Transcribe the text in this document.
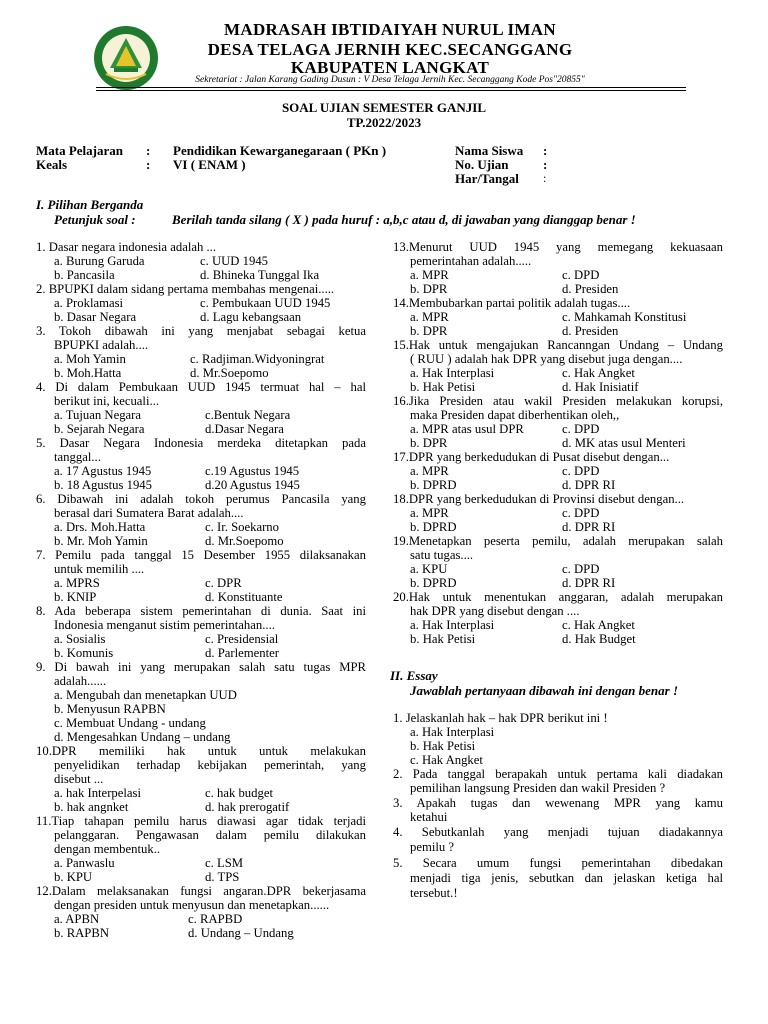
MADRASAH IBTIDAIYAH NURUL IMAN
DESA TELAGA JERNIH KEC.SECANGGANG
KABUPATEN LANGKAT
Sekretariat : Jalan Karang Gading Dusun : V Desa Telaga Jernih Kec. Secanggang Kode Pos"20855"
SOAL UJIAN SEMESTER GANJIL
TP.2022/2023
Mata Pelajaran : Pendidikan Kewarganegaraan ( PKn )
Keals	: VI ( ENAM )
Nama Siswa :
No. Ujian	:
Har/Tangal :
I. Pilihan Berganda
Petunjuk soal :	Berilah tanda silang ( X ) pada huruf : a,b,c atau d, di jawaban yang dianggap benar !
1. Dasar negara indonesia adalah ...
a. Burung Garuda	c. UUD 1945
b. Pancasila	d. Bhineka Tunggal Ika
2. BPUPKI dalam sidang pertama membahas mengenai.....
a. Proklamasi	c. Pembukaan UUD 1945
b. Dasar Negara	d. Lagu kebangsaan
3. Tokoh dibawah ini yang menjabat sebagai ketua
BPUPKI adalah....
a. Moh Yamin	c. Radjiman.Widyoningrat
b. Moh.Hatta	d. Mr.Soepomo
4. Di dalam Pembukaan UUD 1945 termuat hal – hal
berikut ini, kecuali...
a. Tujuan Negara	c.Bentuk Negara
b. Sejarah Negara	d.Dasar Negara
5. Dasar Negara Indonesia merdeka ditetapkan pada
tanggal...
a. 17 Agustus 1945	c.19 Agustus 1945
b. 18 Agustus 1945	d.20 Agustus 1945
6. Dibawah ini adalah tokoh perumus Pancasila yang
berasal dari Sumatera Barat adalah....
a. Drs. Moh.Hatta	c. Ir. Soekarno
b. Mr. Moh Yamin	d. Mr.Soepomo
7. Pemilu pada tanggal 15 Desember 1955 dilaksanakan
untuk memilih ....
a. MPRS	c. DPR
b. KNIP	d. Konstituante
8. Ada beberapa sistem pemerintahan di dunia. Saat ini
Indonesia menganut sistim pemerintahan....
a. Sosialis	c. Presidensial
b. Komunis	d. Parlementer
9. Di bawah ini yang merupakan salah satu tugas MPR
adalah......
a. Mengubah dan menetapkan UUD
b. Menyusun RAPBN
c. Membuat Undang - undang
d. Mengesahkan Undang – undang
10.DPR memiliki hak untuk untuk melakukan
penyelidikan terhadap kebijakan pemerintah, yang
disebut ...
a. hak Interpelasi	c. hak budget
b. hak angnket	d. hak prerogatif
11.Tiap tahapan pemilu harus diawasi agar tidak terjadi
pelanggaran. Pengawasan dalam pemilu dilakukan
dengan membentuk..
a. Panwaslu	c. LSM
b. KPU	d. TPS
12.Dalam melaksanakan fungsi angaran.DPR bekerjasama
dengan presiden untuk menyusun dan menetapkan......
a. APBN	c. RAPBD
b. RAPBN	d. Undang – Undang
13.Menurut UUD 1945 yang memegang kekuasaan
pemerintahan adalah.....
a. MPR	c. DPD
b. DPR	d. Presiden
14.Membubarkan partai politik adalah tugas....
a. MPR	c. Mahkamah Konstitusi
b. DPR	d. Presiden
15.Hak untuk mengajukan Rancanngan Undang – Undang
( RUU ) adalah hak DPR yang disebut juga dengan....
a. Hak Interplasi	c. Hak Angket
b. Hak Petisi	d. Hak Inisiatif
16.Jika Presiden atau wakil Presiden melakukan korupsi,
maka Presiden dapat diberhentikan oleh,,
a. MPR atas usul DPR	c. DPD
b. DPR	d. MK atas usul Menteri
17.DPR yang berkedudukan di Pusat disebut dengan...
a. MPR	c. DPD
b. DPRD	d. DPR RI
18.DPR yang berkedudukan di Provinsi disebut dengan...
a. MPR	c. DPD
b. DPRD	d. DPR RI
19.Menetapkan peserta pemilu, adalah merupakan salah
satu tugas....
a. KPU	c. DPD
b. DPRD	d. DPR RI
20.Hak untuk menentukan anggaran, adalah merupakan
hak DPR yang disebut dengan ....
a. Hak Interplasi	c. Hak Angket
b. Hak Petisi	d. Hak Budget
II. Essay
Jawablah pertanyaan dibawah ini dengan benar !
1. Jelaskanlah hak – hak DPR berikut ini !
a. Hak Interplasi
b. Hak Petisi
c. Hak Angket
2. Pada tanggal berapakah untuk pertama kali diadakan
pemilihan langsung Presiden dan wakil Presiden ?
3. Apakah tugas dan wewenang MPR yang kamu
ketahui
4. Sebutkanlah yang menjadi tujuan diadakannya
pemilu ?
5. Secara umum fungsi pemerintahan dibedakan
menjadi tiga jenis, sebutkan dan jelaskan ketiga hal
tersebut.!
